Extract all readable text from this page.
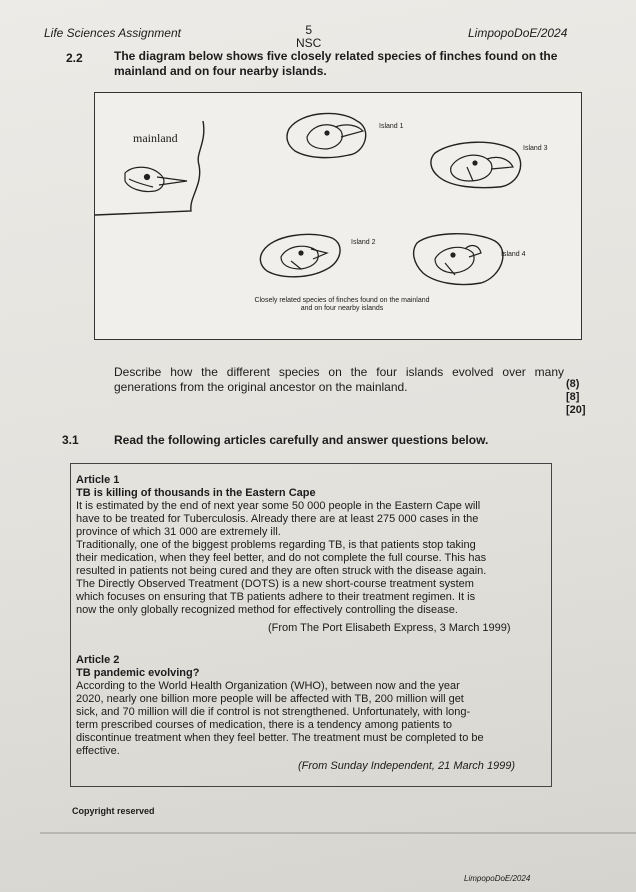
Life Sciences Assignment	5
NSC
LimpopoDoE/2024
2.2	The diagram below shows five closely related species of finches found on the mainland and on four nearby islands.
mainland
Island 1
Island 3
Island 2
Island 4
Closely related species of finches found on the mainland
and on four nearby islands
Describe how the different species on the four islands evolved over many generations from the original ancestor on the mainland.	(8)
[8]
[20]
3.1	Read the following articles carefully and answer questions below.
Article 1
TB is killing of thousands in the Eastern Cape
It is estimated by the end of next year some 50 000 people in the Eastern Cape will
have to be treated for Tuberculosis. Already there are at least 275 000 cases in the
province of which 31 000 are extremely ill.
Traditionally, one of the biggest problems regarding TB, is that patients stop taking
their medication, when they feel better, and do not complete the full course. This has
resulted in patients not being cured and they are often struck with the disease again.
The Directly Observed Treatment (DOTS) is a new short-course treatment system
which focuses on ensuring that TB patients adhere to their treatment regimen. It is
now the only globally recognized method for effectively controlling the disease.
(From The Port Elisabeth Express, 3 March 1999)
Article 2
TB pandemic evolving?
According to the World Health Organization (WHO), between now and the year
2020, nearly one billion more people will be affected with TB, 200 million will get
sick, and 70 million will die if control is not strengthened. Unfortunately, with long-
term prescribed courses of medication, there is a tendency among patients to
discontinue treatment when they feel better. The treatment must be completed to be
effective.
(From Sunday Independent, 21 March 1999)
Copyright reserved
LimpopoDoE/2024
